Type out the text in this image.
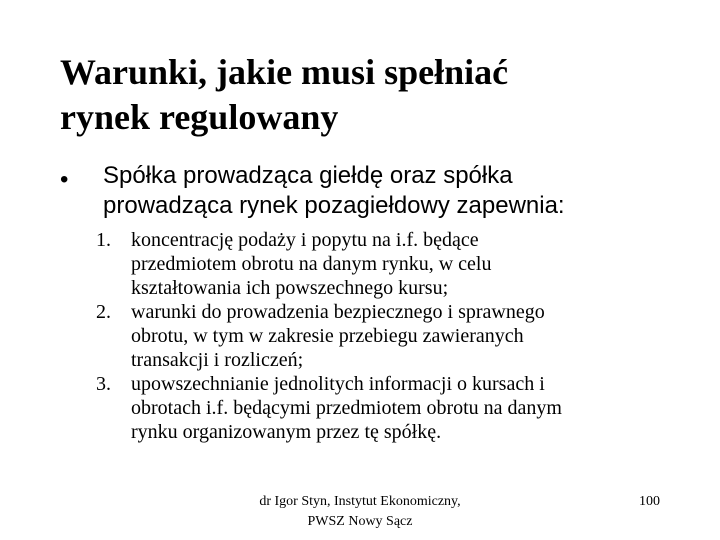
Warunki, jakie musi spełniać
rynek regulowany
• Spółka prowadząca giełdę oraz spółka
prowadząca rynek pozagiełdowy zapewnia:
1. koncentrację podaży i popytu na i.f. będące
przedmiotem obrotu na danym rynku, w celu
kształtowania ich powszechnego kursu;
2. warunki do prowadzenia bezpiecznego i sprawnego
obrotu, w tym w zakresie przebiegu zawieranych
transakcji i rozliczeń;
3. upowszechnianie jednolitych informacji o kursach i
obrotach i.f. będącymi przedmiotem obrotu na danym
rynku organizowanym przez tę spółkę.
dr Igor Styn, Instytut Ekonomiczny,
PWSZ Nowy Sącz
100
